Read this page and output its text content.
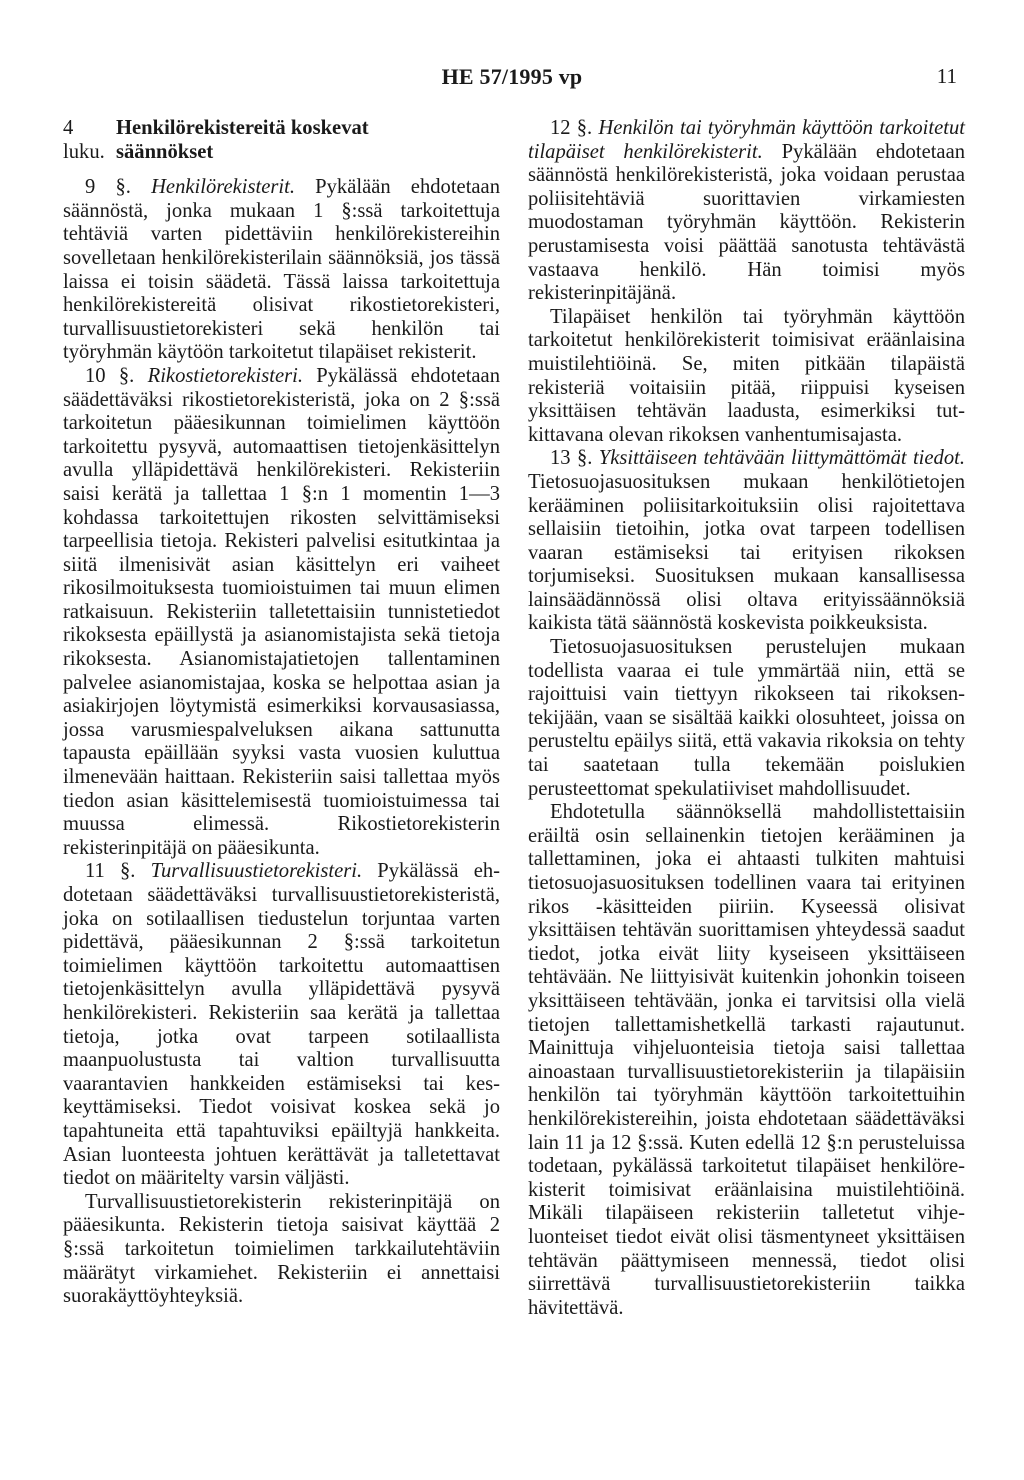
HE 57/1995 vp	11
4 luku.Henkilörekistereitä koskevat säännökset

9 §. Henkilörekisterit. Pykälään ehdotetaan säännöstä, jonka mukaan 1 §:ssä tarkoitettuja tehtäviä varten pidettäviin henkilörekistereihin sovelletaan henkilörekisterilain säännöksiä, jos tässä laissa ei toisin säädetä. Tässä laissa tarkoitettuja henkilörekistereitä olisivat rikostietorekisteri, turvallisuustietorekisteri sekä henkilön tai työryhmän käytöön tarkoitetut tilapäiset rekisterit.

10 §. Rikostietorekisteri. Pykälässä ehdotetaan säädettäväksi rikostietorekisteristä, joka on 2 §:ssä tarkoitetun pääesikunnan toimielimen käyttöön tarkoitettu pysyvä, automaattisen tietojenkäsittelyn avulla ylläpidettävä henkilörekisteri. Rekisteriin saisi kerätä ja tallettaa 1 §:n 1 momentin 1—3 kohdassa tarkoitettujen rikosten selvittämiseksi tarpeellisia tietoja. Rekisteri palvelisi esitutkintaa ja siitä ilmenisivät asian käsittelyn eri vaiheet rikosilmoituksesta tuomioistuimen tai muun elimen ratkaisuun. Rekisteriin talletettaisiin tunnistetiedot rikoksesta epäillystä ja asianomistajista sekä tietoja rikoksesta. Asianomistajatietojen tallentaminen palvelee asianomistajaa, koska se helpottaa asian ja asiakirjojen löytymistä esimerkiksi korvausasiassa, jossa varusmiespalveluksen aikana sattunutta tapausta epäillään syyksi vasta vuosien kuluttua ilmenevään haittaan. Rekisteriin saisi tallettaa myös tiedon asian käsittelemisestä tuomioistuimessa tai muussa elimessä. Rikostietorekisterin rekisterinpitäjä on pääesikunta.

11 §. Turvallisuustietorekisteri. Pykälässä ehdotetaan säädettäväksi turvallisuustietorekisteristä, joka on sotilaallisen tiedustelun torjuntaa varten pidettävä, pääesikunnan 2 §:ssä tarkoitetun toimielimen käyttöön tarkoitettu automaattisen tietojenkäsittelyn avulla ylläpidettävä pysyvä henkilörekisteri. Rekisteriin saa kerätä ja tallettaa tietoja, jotka ovat tarpeen sotilaallista maanpuolustusta tai valtion turvallisuutta vaarantavien hankkeiden estämiseksi tai keskeyttämiseksi. Tiedot voisivat koskea sekä jo tapahtuneita että tapahtuviksi epäiltyjä hankkeita. Asian luonteesta johtuen kerättävät ja talletettavat tiedot on määritelty varsin väljästi.

Turvallisuustietorekisterin rekisterinpitäjä on pääesikunta. Rekisterin tietoja saisivat käyttää 2 §:ssä tarkoitetun toimielimen tarkkailutehtäviin määrätyt virkamiehet. Rekisteriin ei annettaisi suorakäyttöyhteyksiä.

12 §. Henkilön tai työryhmän käyttöön tarkoitetut tilapäiset henkilörekisterit. Pykälään ehdotetaan säännöstä henkilörekisteristä, joka voidaan perustaa poliisitehtäviä suorittavien virkamiesten muodostaman työryhmän käyttöön. Rekisterin perustamisesta voisi päättää sanotusta tehtävästä vastaava henkilö. Hän toimisi myös rekisterinpitäjänä.

Tilapäiset henkilön tai työryhmän käyttöön tarkoitetut henkilörekisterit toimisivat eräänlaisina muistilehtiöinä. Se, miten pitkään tilapäistä rekisteriä voitaisiin pitää, riippuisi kyseisen yksittäisen tehtävän laadusta, esimerkiksi tutkittavana olevan rikoksen vanhentumisajasta.

13 §. Yksittäiseen tehtävään liittymättömät tiedot. Tietosuojasuosituksen mukaan henkilötietojen kerääminen poliisitarkoituksiin olisi rajoitettava sellaisiin tietoihin, jotka ovat tarpeen todellisen vaaran estämiseksi tai erityisen rikoksen torjumiseksi. Suosituksen mukaan kansallisessa lainsäädännössä olisi oltava erityissäännöksiä kaikista tätä säännöstä koskevista poikkeuksista.

Tietosuojasuosituksen perustelujen mukaan todellista vaaraa ei tule ymmärtää niin, että se rajoittuisi vain tiettyyn rikokseen tai rikoksentekijään, vaan se sisältää kaikki olosuhteet, joissa on perusteltu epäilys siitä, että vakavia rikoksia on tehty tai saatetaan tulla tekemään poislukien perusteettomat spekulatiiviset mahdollisuudet.

Ehdotetulla säännöksellä mahdollistettaisiin eräiltä osin sellainenkin tietojen kerääminen ja tallettaminen, joka ei ahtaasti tulkiten mahtuisi tietosuojasuosituksen todellinen vaara tai erityinen rikos -käsitteiden piiriin. Kyseessä olisivat yksittäisen tehtävän suorittamisen yhteydessä saadut tiedot, jotka eivät liity kyseiseen yksittäiseen tehtävään. Ne liittyisivät kuitenkin johonkin toiseen yksittäiseen tehtävään, jonka ei tarvitsisi olla vielä tietojen tallettamishetkellä tarkasti rajautunut. Mainittuja vihjeluonteisia tietoja saisi tallettaa ainoastaan turvallisuustietorekisteriin ja tilapäisiin henkilön tai työryhmän käyttöön tarkoitettuihin henkilörekistereihin, joista ehdotetaan säädettäväksi lain 11 ja 12 §:ssä. Kuten edellä 12 §:n perusteluissa todetaan, pykälässä tarkoitetut tilapäiset henkilörekisterit toimisivat eräänlaisina muistilehtiöinä. Mikäli tilapäiseen rekisteriin talletetut vihjeluonteiset tiedot eivät olisi täsmentyneet yksittäisen tehtävän päättymiseen mennessä, tiedot olisi siirrettävä turvallisuustietorekisteriin taikka hävitettävä.
